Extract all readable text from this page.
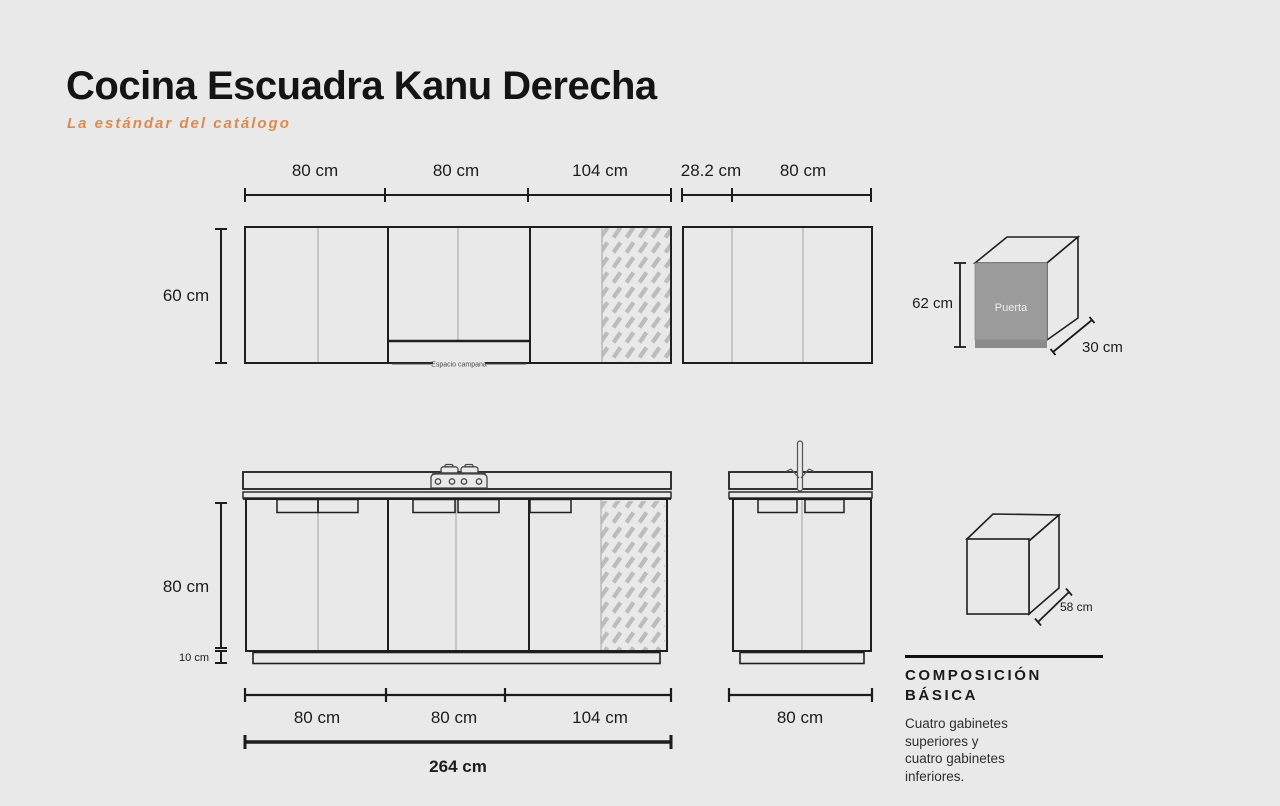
Cocina Escuadra Kanu Derecha
La estándar del catálogo
80 cm	80 cm	104 cm	28.2 cm 80 cm
60 cm
Espacio campana
Puerta
62 cm
30 cm
80 cm
10 cm
80 cm	80 cm	104 cm	80 cm
264 cm
58 cm
COMPOSICIÓN
BÁSICA
Cuatro gabinetes
superiores y
cuatro gabinetes
inferiores.
